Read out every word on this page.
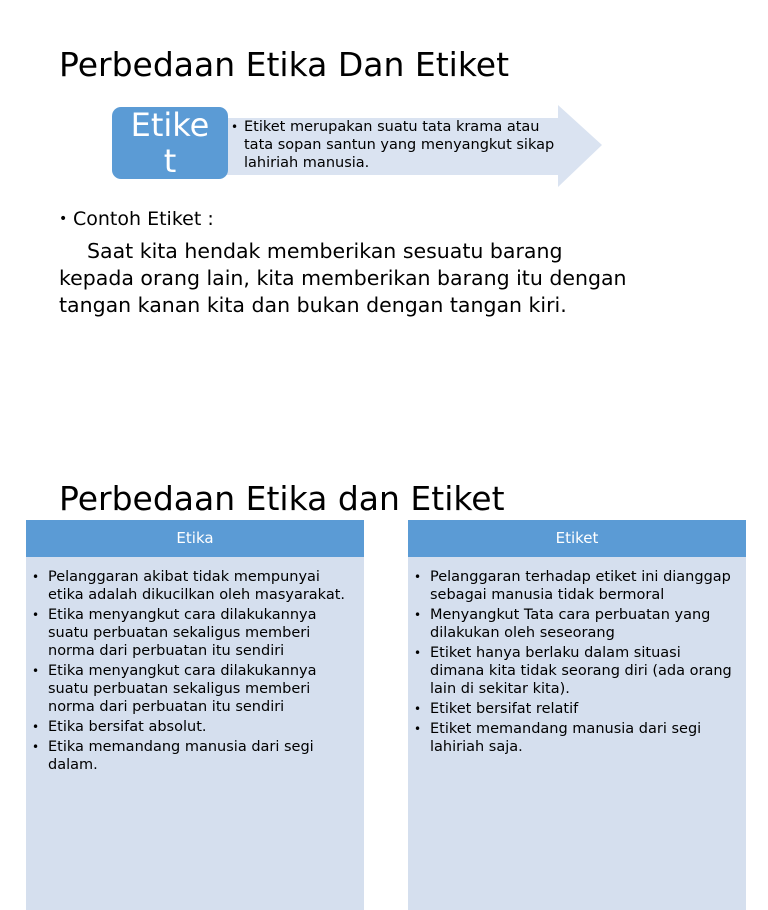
Perbedaan Etika Dan Etiket
• Etiket merupakan suatu tata krama atau tata sopan santun yang menyangkut sikap lahiriah manusia.
Etiket

• Contoh Etiket :

Saat kita hendak memberikan sesuatu barang kepada orang lain, kita memberikan barang itu dengan tangan kanan kita dan bukan dengan tangan kiri.

Perbedaan Etika dan Etiket
Etika
• Pelanggaran akibat tidak mempunyai etika adalah dikucilkan oleh masyarakat.
• Etika menyangkut cara dilakukannya suatu perbuatan sekaligus memberi norma dari perbuatan itu sendiri
• Etika menyangkut cara dilakukannya suatu perbuatan sekaligus memberi norma dari perbuatan itu sendiri
• Etika bersifat absolut.
• Etika memandang manusia dari segi dalam.
Etiket
• Pelanggaran terhadap etiket ini dianggap sebagai manusia tidak bermoral
• Menyangkut Tata cara perbuatan yang dilakukan oleh seseorang
• Etiket hanya berlaku dalam situasi dimana kita tidak seorang diri (ada orang lain di sekitar kita).
• Etiket bersifat relatif
• Etiket memandang manusia dari segi lahiriah saja.
